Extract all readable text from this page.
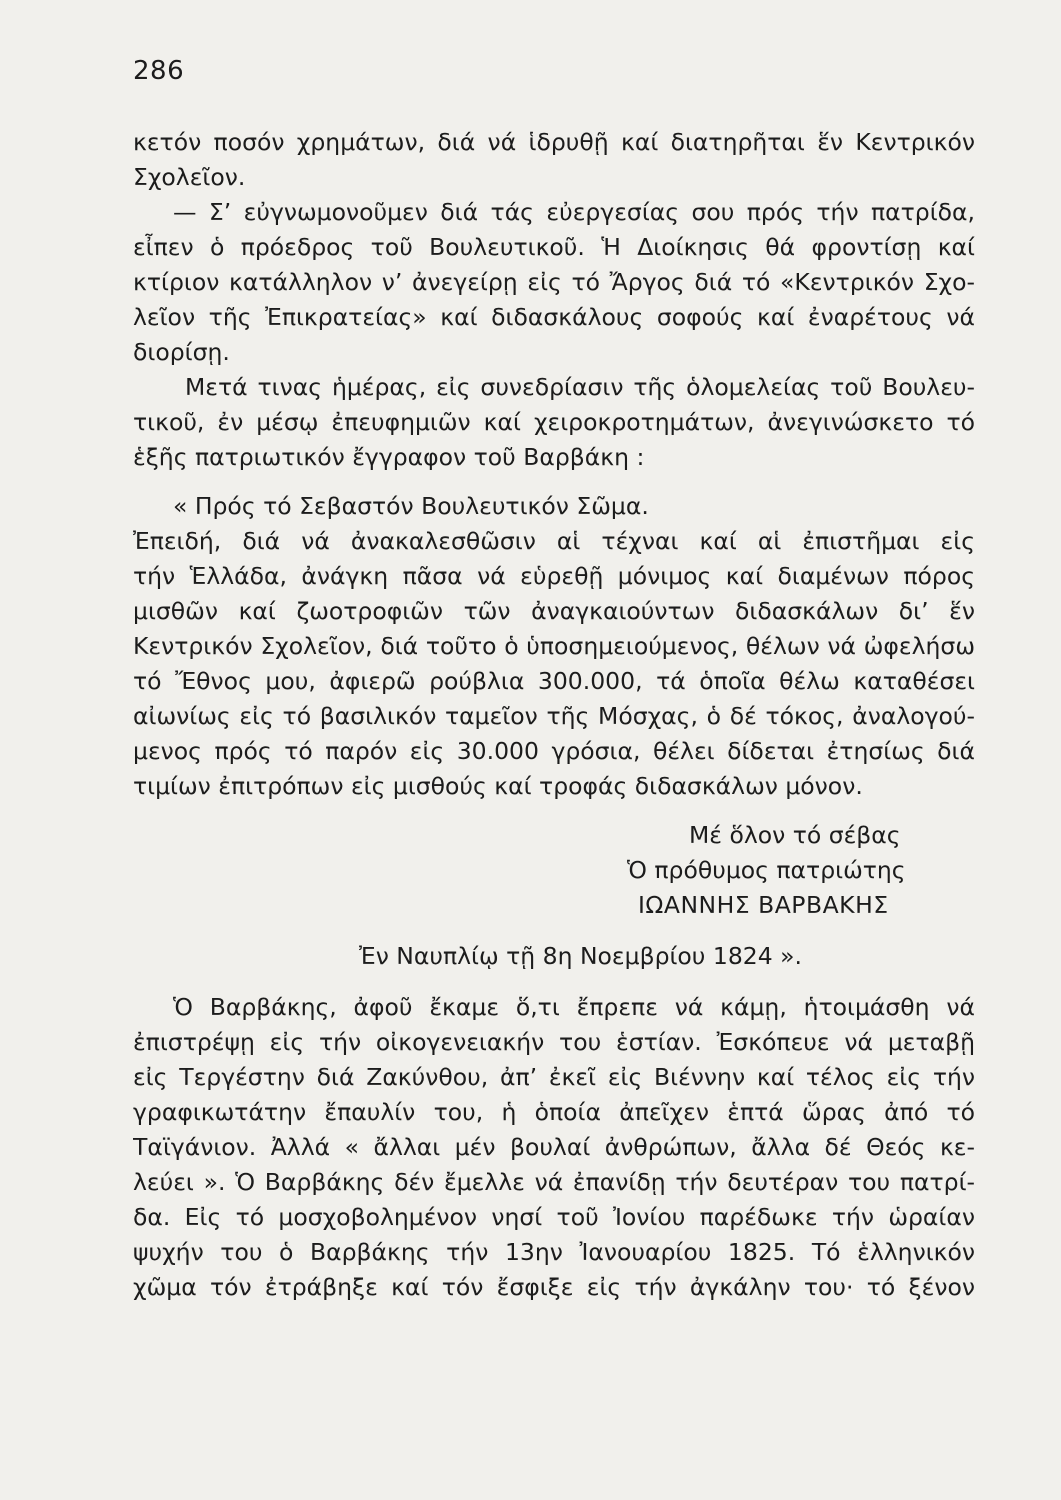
286
κετόν ποσόν χρημάτων, διά νά ἱδρυθῇ καί διατηρῆται ἕν Κεντρικόν
Σχολεῖον.
— Σ’ εὐγνωμονοῦμεν διά τάς εὐεργεσίας σου πρός τήν πατρίδα,
εἶπεν ὁ πρόεδρος τοῦ Βουλευτικοῦ. Ἡ Διοίκησις θά φροντίσῃ καί
κτίριον κατάλληλον ν’ ἀνεγείρῃ εἰς τό Ἄργος διά τό «Κεντρικόν Σχο-
λεῖον τῆς Ἐπικρατείας» καί διδασκάλους σοφούς καί ἐναρέτους νά
διορίσῃ.
Μετά τινας ἡμέρας, εἰς συνεδρίασιν τῆς ὁλομελείας τοῦ Βουλευ-
τικοῦ, ἐν μέσῳ ἐπευφημιῶν καί χειροκροτημάτων, ἀνεγινώσκετο τό
ἑξῆς πατριωτικόν ἔγγραφον τοῦ Βαρβάκη :
« Πρός τό Σεβαστόν Βουλευτικόν Σῶμα.
Ἐπειδή, διά νά ἀνακαλεσθῶσιν αἱ τέχναι καί αἱ ἐπιστῆμαι εἰς
τήν Ἑλλάδα, ἀνάγκη πᾶσα νά εὑρεθῇ μόνιμος καί διαμένων πόρος
μισθῶν καί ζωοτροφιῶν τῶν ἀναγκαιούντων διδασκάλων δι’ ἕν
Κεντρικόν Σχολεῖον, διά τοῦτο ὁ ὑποσημειούμενος, θέλων νά ὠφελήσω
τό Ἔθνος μου, ἀφιερῶ ρούβλια 300.000, τά ὁποῖα θέλω καταθέσει
αἰωνίως εἰς τό βασιλικόν ταμεῖον τῆς Μόσχας, ὁ δέ τόκος, ἀναλογού-
μενος πρός τό παρόν εἰς 30.000 γρόσια, θέλει δίδεται ἐτησίως διά
τιμίων ἐπιτρόπων εἰς μισθούς καί τροφάς διδασκάλων μόνον.
Μέ ὅλον τό σέβας
Ὁ πρόθυμος πατριώτης
ΙΩΑΝΝΗΣ ΒΑΡΒΑΚΗΣ
Ἐν Ναυπλίῳ τῇ 8η Νοεμβρίου 1824 ».
Ὁ Βαρβάκης, ἀφοῦ ἔκαμε ὅ,τι ἔπρεπε νά κάμῃ, ἡτοιμάσθη νά
ἐπιστρέψῃ εἰς τήν οἰκογενειακήν του ἑστίαν. Ἐσκόπευε νά μεταβῇ
εἰς Τεργέστην διά Ζακύνθου, ἀπ’ ἐκεῖ εἰς Βιέννην καί τέλος εἰς τήν
γραφικωτάτην ἔπαυλίν του, ἡ ὁποία ἀπεῖχεν ἑπτά ὥρας ἀπό τό
Ταϊγάνιον. Ἀλλά « ἄλλαι μέν βουλαί ἀνθρώπων, ἄλλα δέ Θεός κε-
λεύει ». Ὁ Βαρβάκης δέν ἔμελλε νά ἐπανίδῃ τήν δευτέραν του πατρί-
δα. Εἰς τό μοσχοβολημένον νησί τοῦ Ἰονίου παρέδωκε τήν ὡραίαν
ψυχήν του ὁ Βαρβάκης τήν 13ην Ἰανουαρίου 1825. Τό ἑλληνικόν
χῶμα τόν ἐτράβηξε καί τόν ἔσφιξε εἰς τήν ἀγκάλην του· τό ξένον
